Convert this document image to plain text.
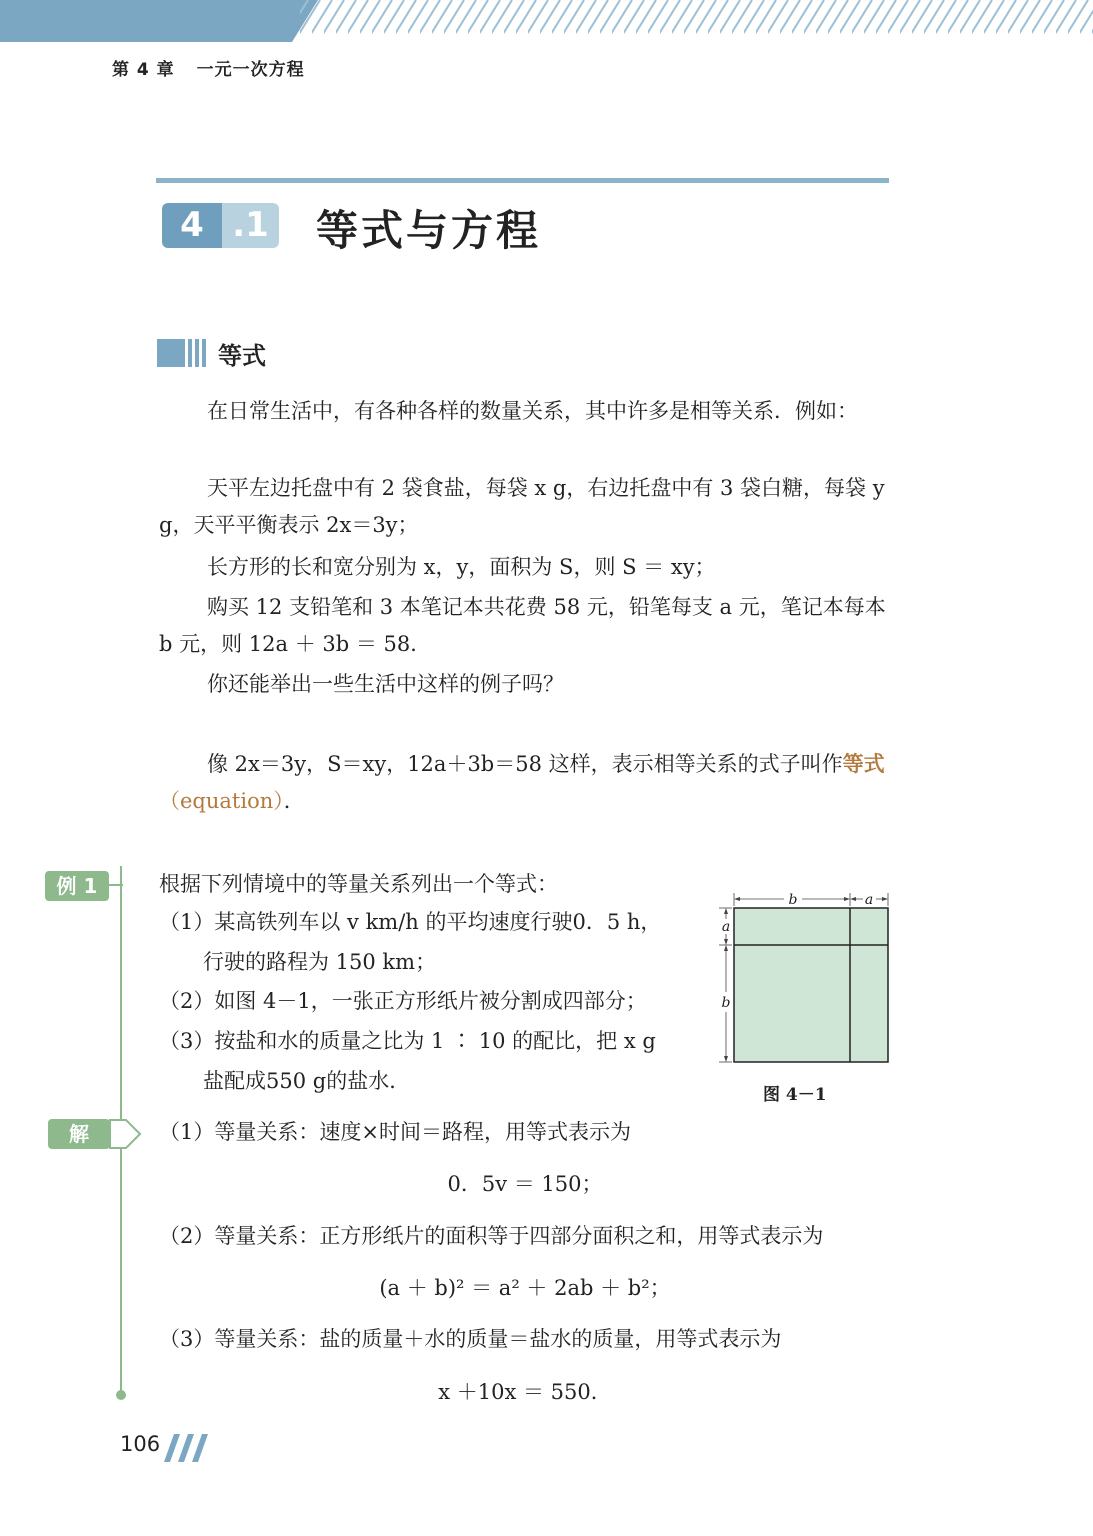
第 4 章 一元一次方程
4 .1 等式与方程
等式
在日常生活中，有各种各样的数量关系，其中许多是相等关系．例如：
天平左边托盘中有 2 袋食盐，每袋 x g，右边托盘中有 3 袋白糖，每袋 y g，天平平衡表示 2x＝3y；
长方形的长和宽分别为 x，y，面积为 S，则 S ＝ xy；
购买 12 支铅笔和 3 本笔记本共花费 58 元，铅笔每支 a 元，笔记本每本 b 元，则 12a ＋ 3b ＝ 58．
你还能举出一些生活中这样的例子吗？
像 2x＝3y，S＝xy，12a＋3b＝58 这样，表示相等关系的式子叫作等式（equation）．
例 1
解
根据下列情境中的等量关系列出一个等式：
（1）某高铁列车以 v km/h 的平均速度行驶0．5 h，
行驶的路程为 150 km；
（2）如图 4－1，一张正方形纸片被分割成四部分；
（3）按盐和水的质量之比为 1 ∶ 10 的配比，把 x g
盐配成550 g的盐水．
b	a
a
b
图 4－1
（1）等量关系：速度×时间＝路程，用等式表示为
0．5v ＝ 150；
（2）等量关系：正方形纸片的面积等于四部分面积之和，用等式表示为
(a ＋ b)² ＝ a² ＋ 2ab ＋ b²；
（3）等量关系：盐的质量＋水的质量＝盐水的质量，用等式表示为
x ＋10x ＝ 550．
106
